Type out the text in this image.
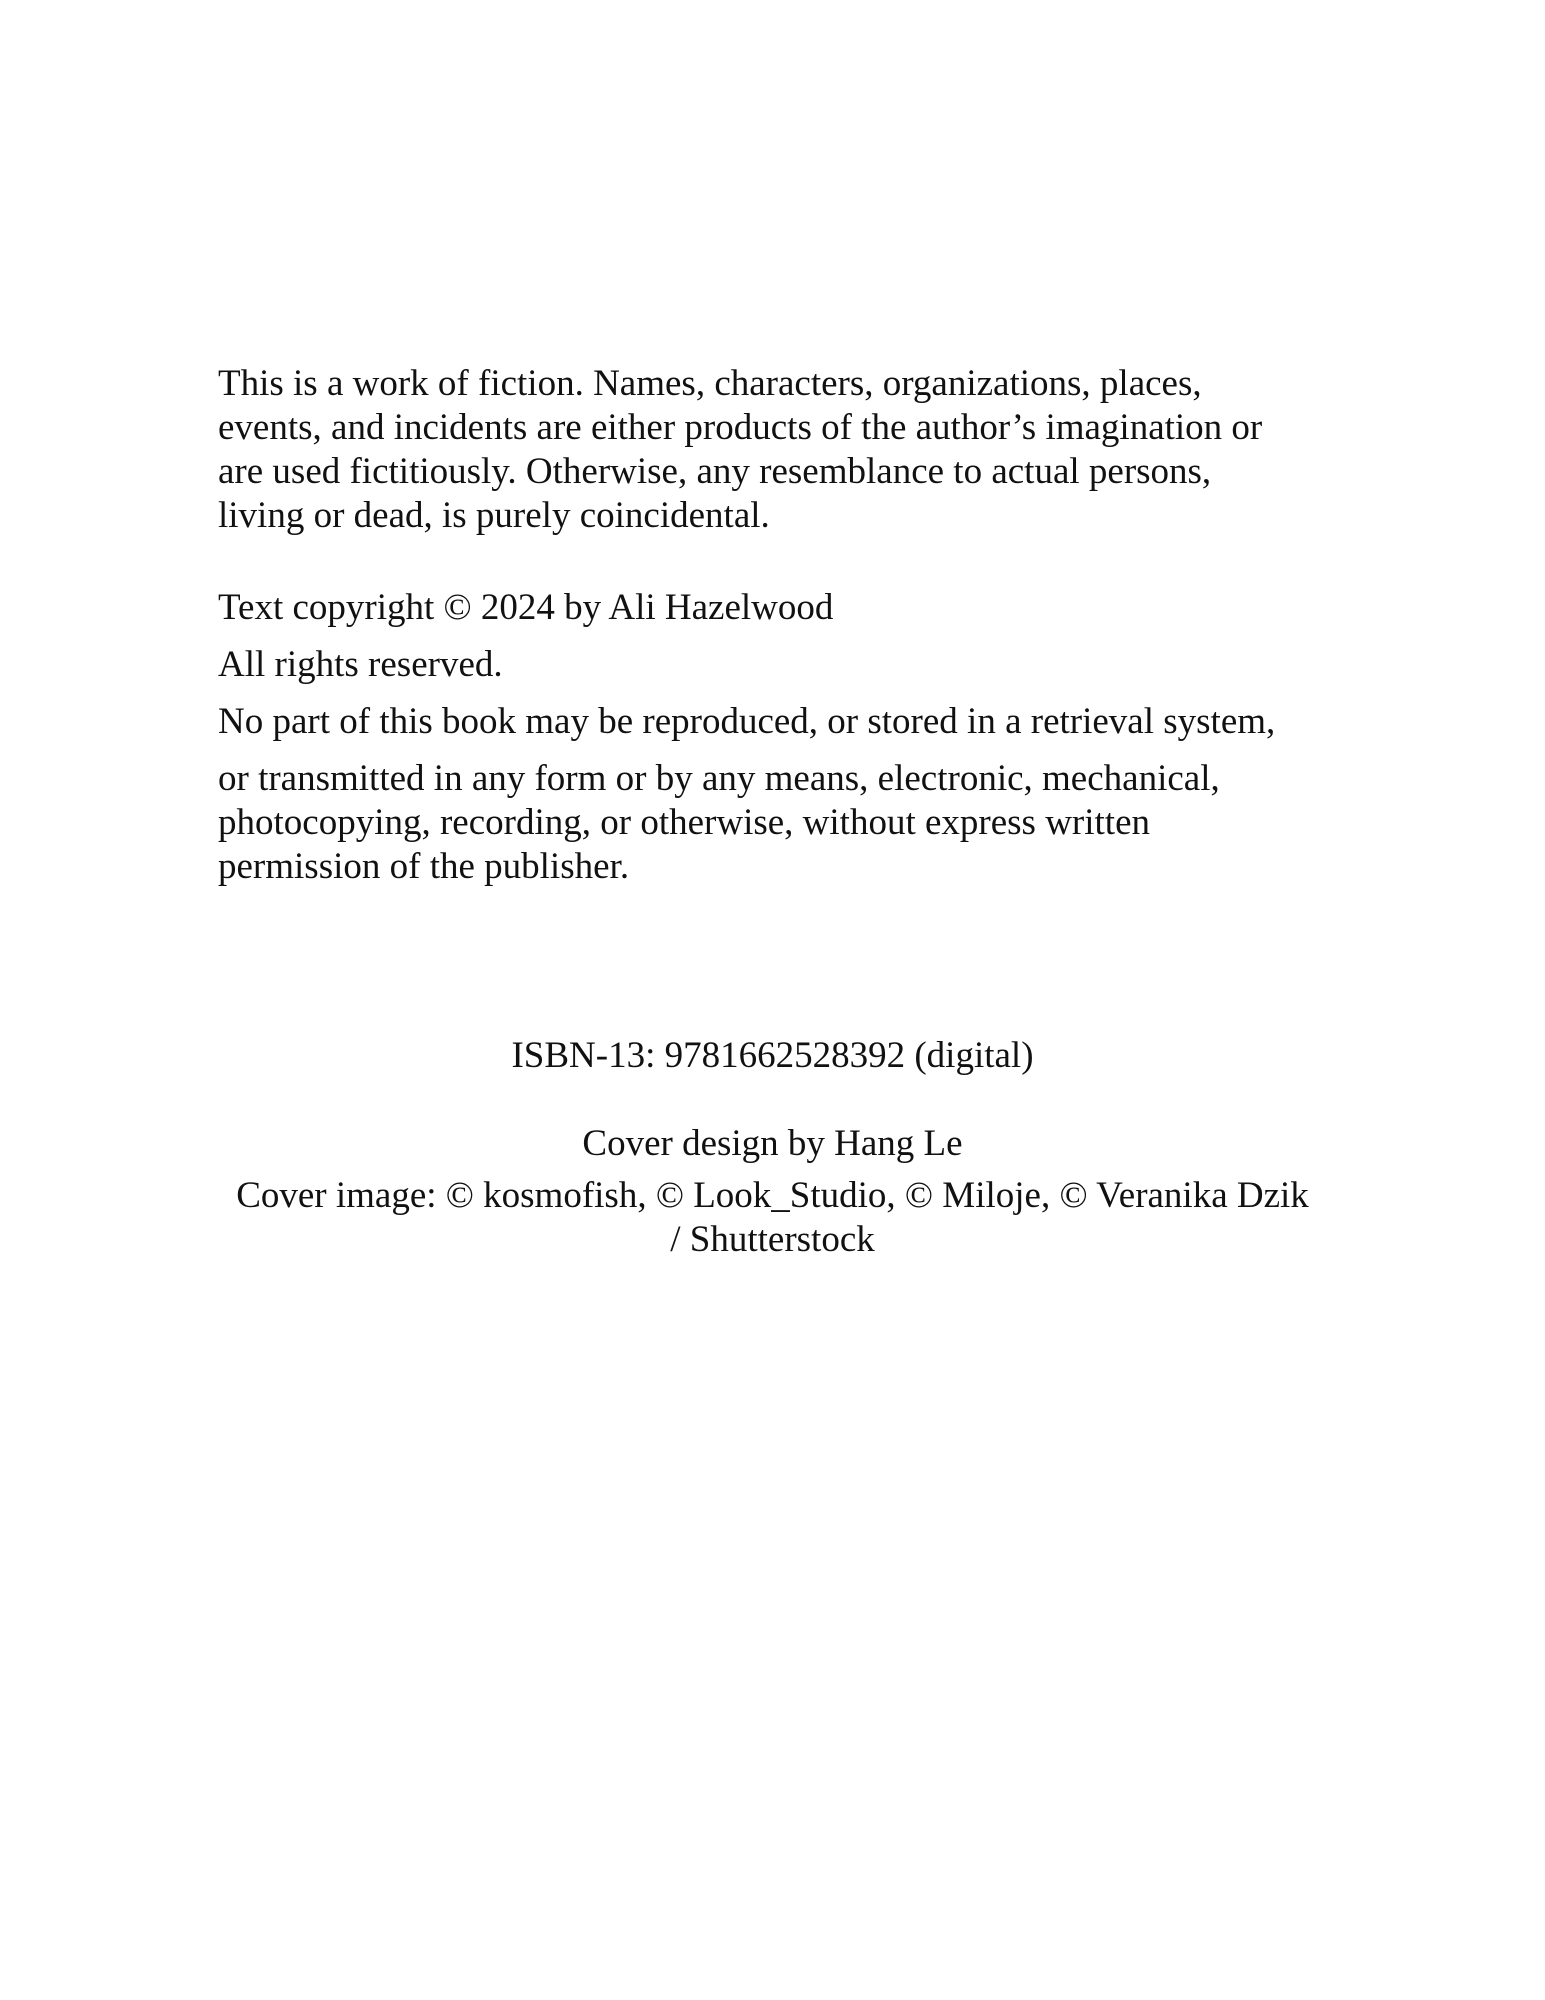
This is a work of fiction. Names, characters, organizations, places,
events, and incidents are either products of the author’s imagination or
are used fictitiously. Otherwise, any resemblance to actual persons,
living or dead, is purely coincidental.

Text copyright © 2024 by Ali Hazelwood

All rights reserved.

No part of this book may be reproduced, or stored in a retrieval system,
or transmitted in any form or by any means, electronic, mechanical,
photocopying, recording, or otherwise, without express written
permission of the publisher.

ISBN-13: 9781662528392 (digital)

Cover design by Hang Le

Cover image: © kosmofish, © Look_Studio, © Miloje, © Veranika Dzik
/ Shutterstock
